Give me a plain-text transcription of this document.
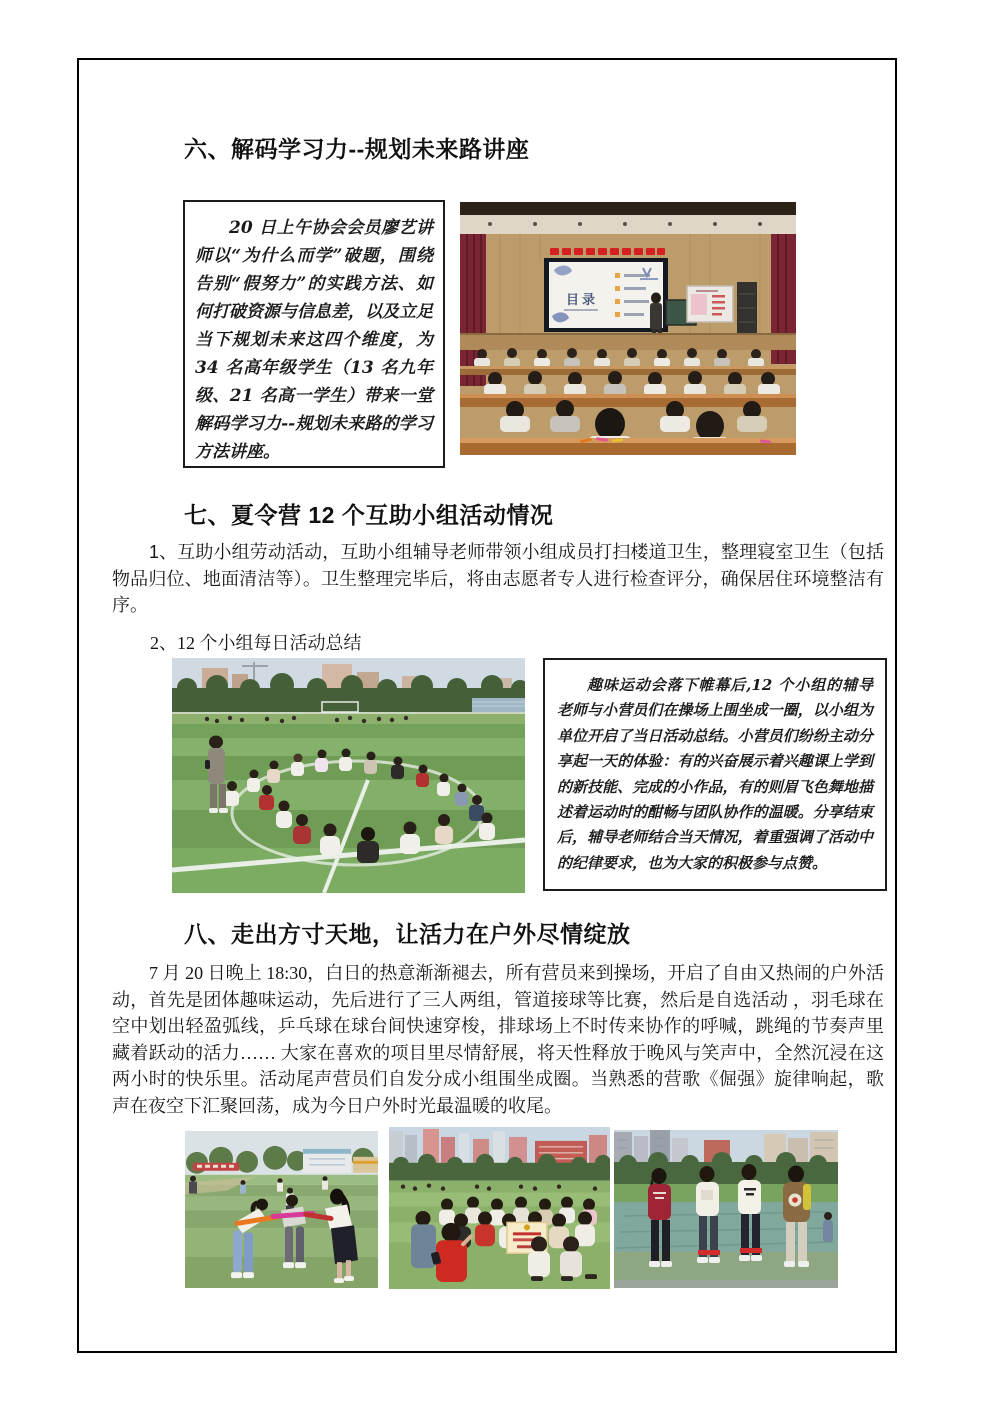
六、解码学习力--规划未来路讲座
20 日上午协会会员廖艺讲师以“为什么而学”破题，围绕告别“假努力”的实践方法、如何打破资源与信息差，以及立足当下规划未来这四个维度，为 34 名高年级学生（13 名九年级、21 名高一学生）带来一堂解码学习力--规划未来路的学习方法讲座。
目录
七、夏令营 12 个互助小组活动情况

1、互助小组劳动活动，互助小组辅导老师带领小组成员打扫楼道卫生，整理寝室卫生（包括物品归位、地面清洁等）。卫生整理完毕后，将由志愿者专人进行检查评分，确保居住环境整洁有序。

2、12 个小组每日活动总结

趣味运动会落下帷幕后,12 个小组的辅导老师与小营员们在操场上围坐成一圈，以小组为单位开启了当日活动总结。小营员们纷纷主动分享起一天的体验：有的兴奋展示着兴趣课上学到的新技能、完成的小作品，有的则眉飞色舞地描述着运动时的酣畅与团队协作的温暖。分享结束后，辅导老师结合当天情况，着重强调了活动中的纪律要求，也为大家的积极参与点赞。
八、走出方寸天地，让活力在户外尽情绽放

7 月 20 日晚上 18:30，白日的热意渐渐褪去，所有营员来到操场，开启了自由又热闹的户外活动，首先是团体趣味运动，先后进行了三人两组，管道接球等比赛，然后是自选活动 ，羽毛球在空中划出轻盈弧线，乒乓球在球台间快速穿梭，排球场上不时传来协作的呼喊，跳绳的节奏声里藏着跃动的活力…… 大家在喜欢的项目里尽情舒展，将天性释放于晚风与笑声中，全然沉浸在这两小时的快乐里。活动尾声营员们自发分成小组围坐成圈。当熟悉的营歌《倔强》旋律响起，歌声在夜空下汇聚回荡，成为今日户外时光最温暖的收尾。
